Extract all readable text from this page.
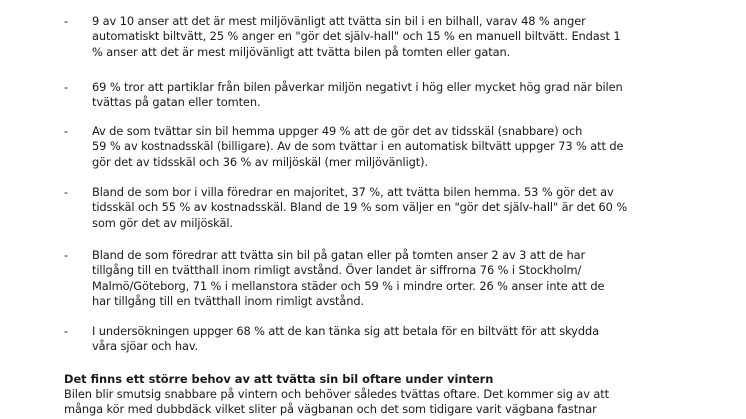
- 9 av 10 anser att det är mest miljövänligt att tvätta sin bil i en bilhall, varav 48 % anger
automatiskt biltvätt, 25 % anger en "gör det själv-hall" och 15 % en manuell biltvätt. Endast 1
% anser att det är mest miljövänligt att tvätta bilen på tomten eller gatan.
- 69 % tror att partiklar från bilen påverkar miljön negativt i hög eller mycket hög grad när bilen
tvättas på gatan eller tomten.
- Av de som tvättar sin bil hemma uppger 49 % att de gör det av tidsskäl (snabbare) och
59 % av kostnadsskäl (billigare). Av de som tvättar i en automatisk biltvätt uppger 73 % att de
gör det av tidsskäl och 36 % av miljöskäl (mer miljövänligt).
- Bland de som bor i villa föredrar en majoritet, 37 %, att tvätta bilen hemma. 53 % gör det av
tidsskäl och 55 % av kostnadsskäl. Bland de 19 % som väljer en "gör det själv-hall" är det 60 %
som gör det av miljöskäl.
- Bland de som föredrar att tvätta sin bil på gatan eller på tomten anser 2 av 3 att de har
tillgång till en tvätthall inom rimligt avstånd. Över landet är siffrorna 76 % i Stockholm/
Malmö/Göteborg, 71 % i mellanstora städer och 59 % i mindre orter. 26 % anser inte att de
har tillgång till en tvätthall inom rimligt avstånd.
- I undersökningen uppger 68 % att de kan tänka sig att betala för en biltvätt för att skydda
våra sjöar och hav.
Det finns ett större behov av att tvätta sin bil oftare under vintern

Bilen blir smutsig snabbare på vintern och behöver således tvättas oftare. Det kommer sig av att
många kör med dubbdäck vilket sliter på vägbanan och det som tidigare varit vägbana fastnar
